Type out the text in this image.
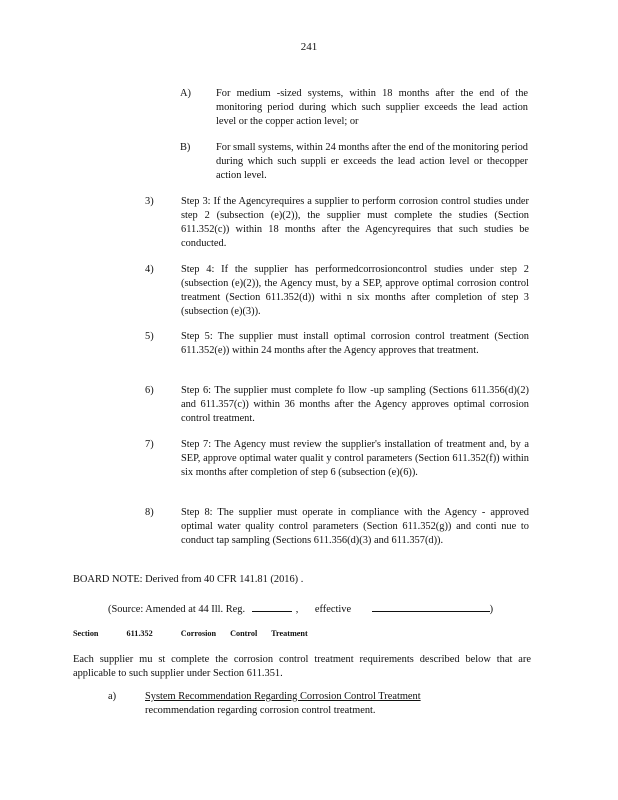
241
A)	For medium -sized systems, within 18 months after the end of the monitoring period during which such supplier exceeds the lead action level or the copper action level; or
B)	For small systems, within 24 months after the end of the monitoring period during which such suppli er exceeds the lead action level or thecopper action level.
3)	Step 3: If the Agencyrequires a supplier to perform corrosion control studies under step 2 (subsection (e)(2)), the supplier must complete the studies (Section 611.352(c)) within 18 months after the Agencyrequires that such studies be conducted.
4)	Step 4: If the supplier has performedcorrosioncontrol studies under step 2 (subsection (e)(2)), the Agency must, by a SEP, approve optimal corrosion control treatment (Section 611.352(d)) withi n six months after completion of step 3 (subsection (e)(3)).
5)	Step 5: The supplier must install optimal corrosion control treatment (Section 611.352(e)) within 24 months after the Agency approves that treatment.
6)	Step 6: The supplier must complete fo llow -up sampling (Sections 611.356(d)(2) and 611.357(c)) within 36 months after the Agency approves optimal corrosion control treatment.
7)	Step 7: The Agency must review the supplier's installation of treatment and, by a SEP, approve optimal water qualit y control parameters (Section 611.352(f)) within six months after completion of step 6 (subsection (e)(6)).
8)	Step 8: The supplier must operate in compliance with the Agency - approved optimal water quality control parameters (Section 611.352(g)) and conti nue to conduct tap sampling (Sections 611.356(d)(3) and 611.357(d)).
BOARD NOTE: Derived from 40 CFR 141.81 (2016) .
(Source: Amended at 44 Ill. Reg.	, effective	)
Section	611.352	Corrosion Control Treatment
Each supplier mu st complete the corrosion control treatment requirements described below that are applicable to such supplier under Section 611.351.
a)	System Recommendation Regarding Corrosion Control Treatment
recommendation regarding corrosion control treatment.
